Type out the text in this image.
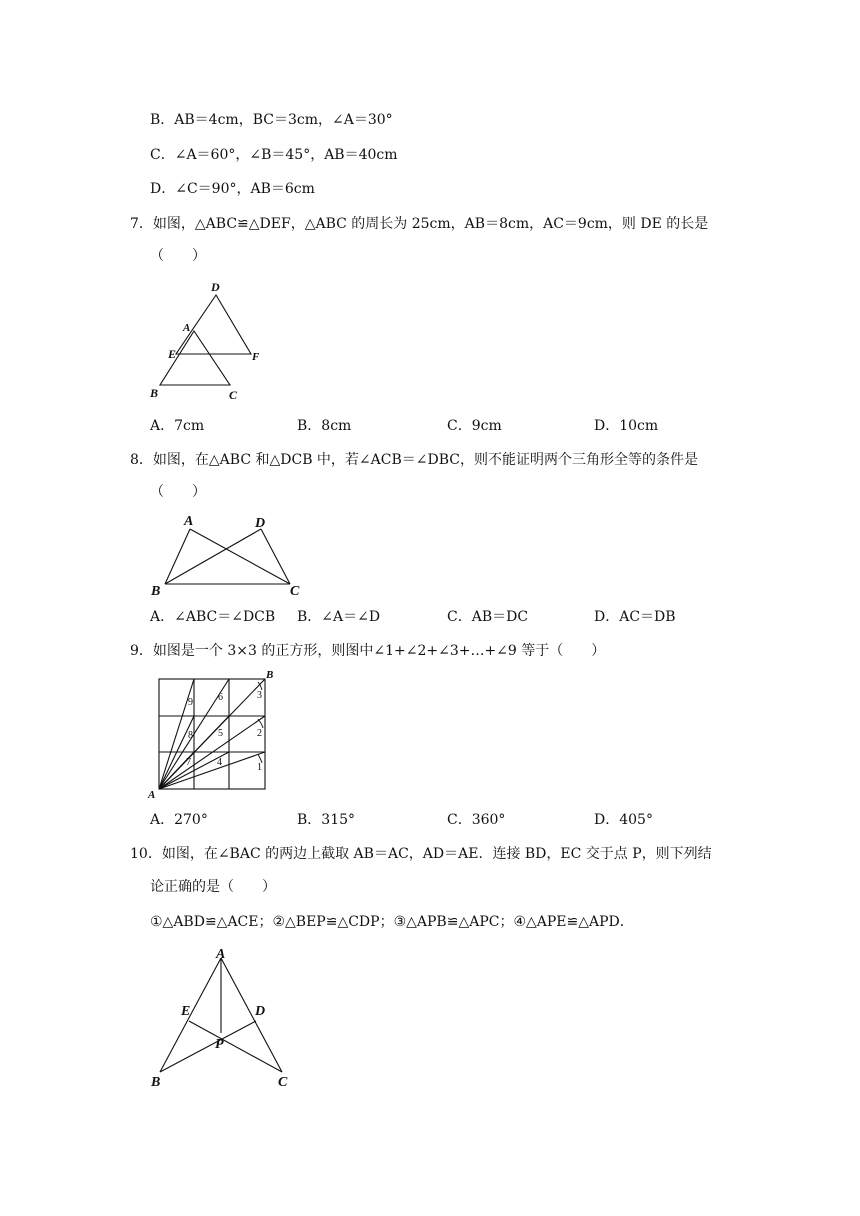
B．AB＝4cm，BC＝3cm，∠A＝30°
C．∠A＝60°，∠B＝45°，AB＝40cm
D．∠C＝90°，AB＝6cm
7．如图，△ABC≌△DEF，△ABC 的周长为 25cm，AB＝8cm，AC＝9cm，则 DE 的长是
（　　）
D
A
E	F
B	C
A．7cm	B．8cm	C．9cm	D．10cm
8．如图，在△ABC 和△DCB 中，若∠ACB＝∠DBC，则不能证明两个三角形全等的条件是
（　　）
A	D
B	C
A．∠ABC＝∠DCB B．∠A＝∠D	C．AB＝DC	D．AC＝DB
9．如图是一个 3×3 的正方形，则图中∠1+∠2+∠3+…+∠9 等于（　　）
1
2
3
4
5
6
7
8
9
A
B
A．270°	B．315°	C．360°	D．405°
10．如图，在∠BAC 的两边上截取 AB＝AC，AD＝AE．连接 BD，EC 交于点 P，则下列结
论正确的是（　　）
①△ABD≌△ACE；②△BEP≌△CDP；③△APB≌△APC；④△APE≌△APD．
A
E	D
P
B	C
